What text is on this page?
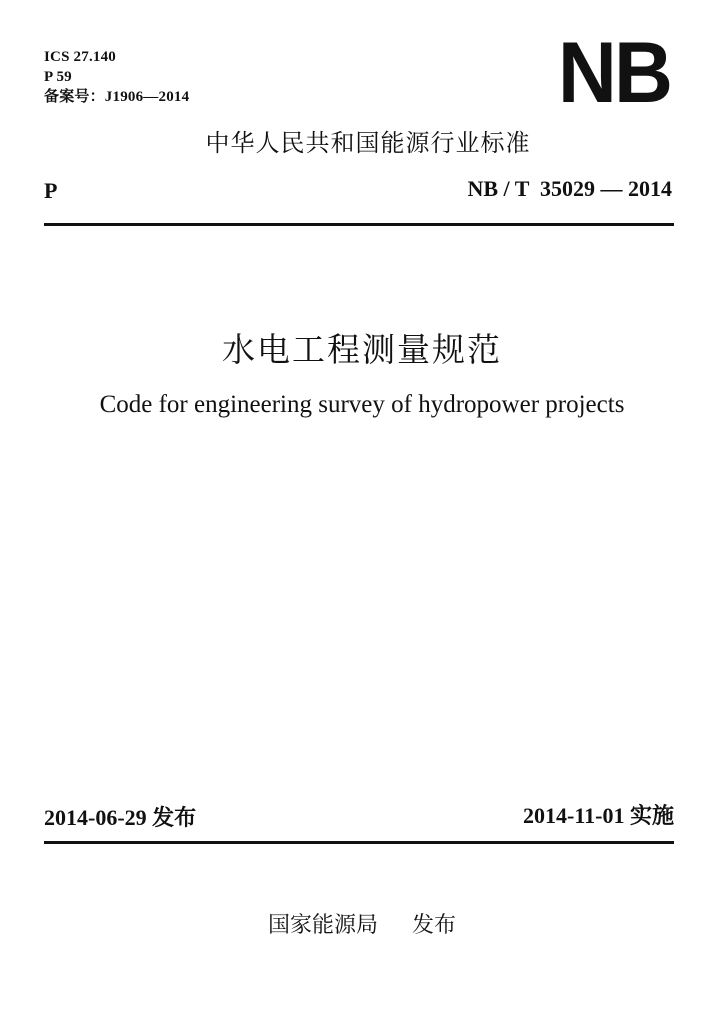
ICS 27.140
P 59
备案号：J1906—2014	NB
中华人民共和国能源行业标准
P	NB / T  35029 — 2014
水电工程测量规范
Code for engineering survey of hydropower projects
2014-06-29 发布	2014-11-01 实施
国家能源局 发布
